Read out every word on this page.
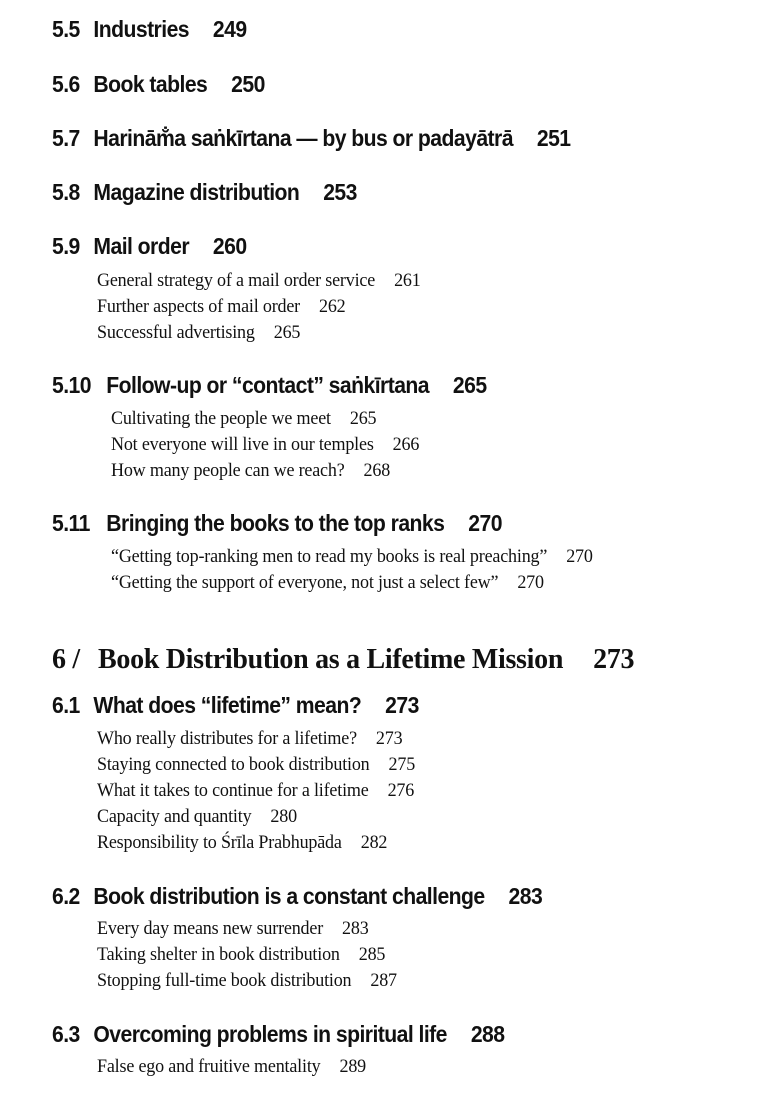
5.5 Industries 249
5.6 Book tables 250
5.7 Harinām̐a saṅkīrtana — by bus or padayātrā 251
5.8 Magazine distribution 253
5.9 Mail order 260
General strategy of a mail order service 261
Further aspects of mail order 262
Successful advertising 265
5.10 Follow-up or “contact” saṅkīrtana 265
Cultivating the people we meet 265
Not everyone will live in our temples 266
How many people can we reach? 268
5.11 Bringing the books to the top ranks 270
“Getting top-ranking men to read my books is real preaching” 270
“Getting the support of everyone, not just a select few” 270
6 / Book Distribution as a Lifetime Mission 273
6.1 What does “lifetime” mean? 273
Who really distributes for a lifetime? 273
Staying connected to book distribution 275
What it takes to continue for a lifetime 276
Capacity and quantity 280
Responsibility to Śrīla Prabhupāda 282
6.2 Book distribution is a constant challenge 283
Every day means new surrender 283
Taking shelter in book distribution 285
Stopping full-time book distribution 287
6.3 Overcoming problems in spiritual life 288
False ego and fruitive mentality 289
